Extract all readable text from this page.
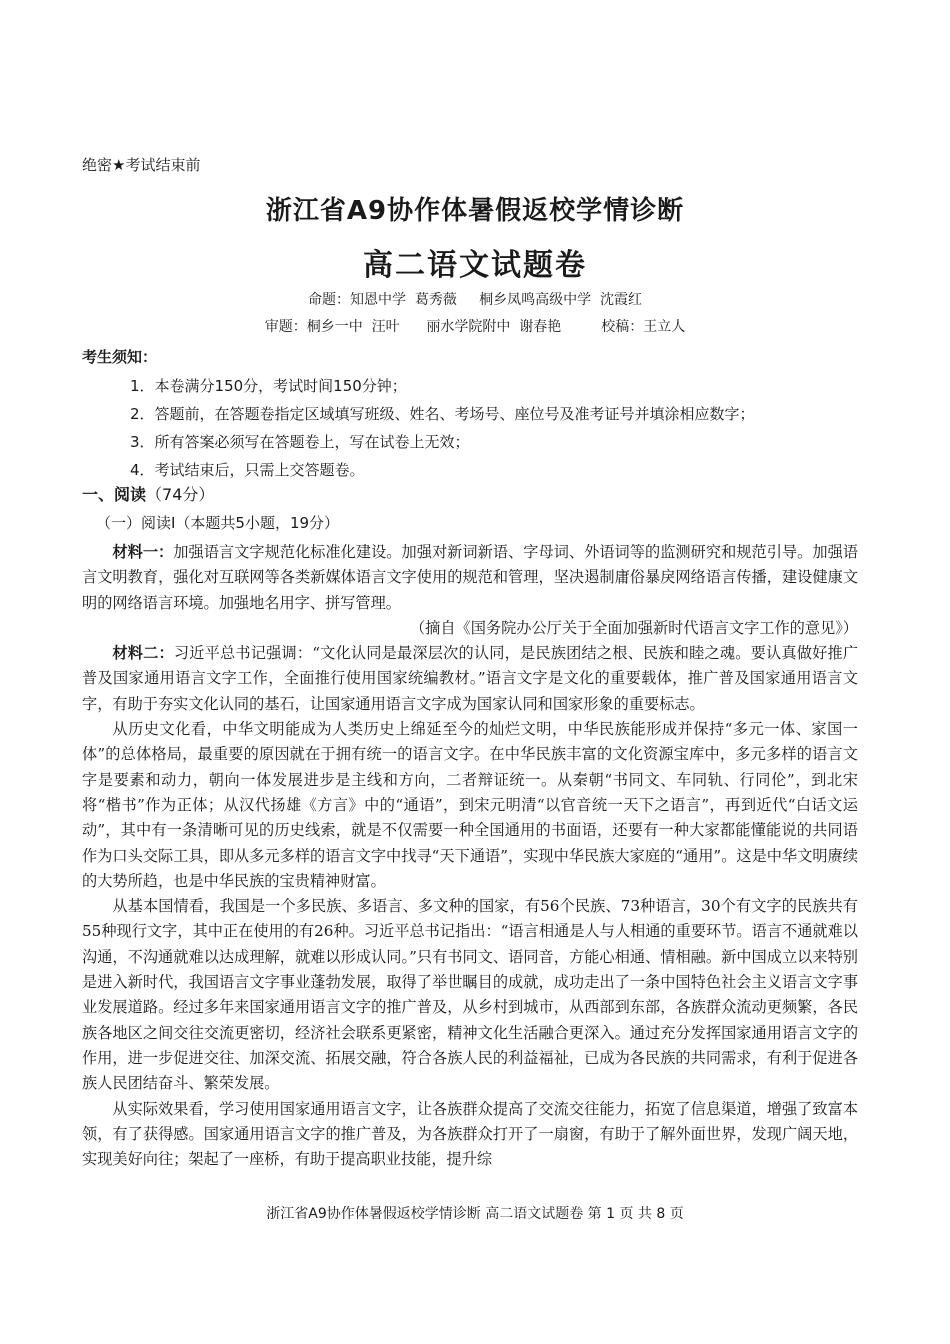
绝密★考试结束前
浙江省A9协作体暑假返校学情诊断
高二语文试题卷
命题：知恩中学  葛秀薇     桐乡凤鸣高级中学  沈霞红
审题：桐乡一中  汪叶      丽水学院附中  谢春艳         校稿：王立人
考生须知：
1．本卷满分150分，考试时间150分钟；
2．答题前，在答题卷指定区域填写班级、姓名、考场号、座位号及准考证号并填涂相应数字；
3．所有答案必须写在答题卷上，写在试卷上无效；
4．考试结束后，只需上交答题卷。
一、阅读（74分）
（一）阅读Ⅰ（本题共5小题，19分）

材料一：加强语言文字规范化标准化建设。加强对新词新语、字母词、外语词等的监测研究和规范引导。加强语言文明教育，强化对互联网等各类新媒体语言文字使用的规范和管理，坚决遏制庸俗暴戾网络语言传播，建设健康文明的网络语言环境。加强地名用字、拼写管理。

（摘自《国务院办公厅关于全面加强新时代语言文字工作的意见》）

材料二：习近平总书记强调：“文化认同是最深层次的认同，是民族团结之根、民族和睦之魂。要认真做好推广普及国家通用语言文字工作，全面推行使用国家统编教材。”语言文字是文化的重要载体，推广普及国家通用语言文字，有助于夯实文化认同的基石，让国家通用语言文字成为国家认同和国家形象的重要标志。

从历史文化看，中华文明能成为人类历史上绵延至今的灿烂文明，中华民族能形成并保持“多元一体、家国一体”的总体格局，最重要的原因就在于拥有统一的语言文字。在中华民族丰富的文化资源宝库中，多元多样的语言文字是要素和动力，朝向一体发展进步是主线和方向，二者辩证统一。从秦朝“书同文、车同轨、行同伦”，到北宋将“楷书”作为正体；从汉代扬雄《方言》中的“通语”，到宋元明清“以官音统一天下之语言”，再到近代“白话文运动”，其中有一条清晰可见的历史线索，就是不仅需要一种全国通用的书面语，还要有一种大家都能懂能说的共同语作为口头交际工具，即从多元多样的语言文字中找寻“天下通语”，实现中华民族大家庭的“通用”。这是中华文明赓续的大势所趋，也是中华民族的宝贵精神财富。

从基本国情看，我国是一个多民族、多语言、多文种的国家，有56个民族、73种语言，30个有文字的民族共有55种现行文字，其中正在使用的有26种。习近平总书记指出：“语言相通是人与人相通的重要环节。语言不通就难以沟通，不沟通就难以达成理解，就难以形成认同。”只有书同文、语同音，方能心相通、情相融。新中国成立以来特别是进入新时代，我国语言文字事业蓬勃发展，取得了举世瞩目的成就，成功走出了一条中国特色社会主义语言文字事业发展道路。经过多年来国家通用语言文字的推广普及，从乡村到城市，从西部到东部，各族群众流动更频繁，各民族各地区之间交往交流更密切，经济社会联系更紧密，精神文化生活融合更深入。通过充分发挥国家通用语言文字的作用，进一步促进交往、加深交流、拓展交融，符合各族人民的利益福祉，已成为各民族的共同需求，有利于促进各族人民团结奋斗、繁荣发展。

从实际效果看，学习使用国家通用语言文字，让各族群众提高了交流交往能力，拓宽了信息渠道，增强了致富本领，有了获得感。国家通用语言文字的推广普及，为各族群众打开了一扇窗，有助于了解外面世界，发现广阔天地，实现美好向往；架起了一座桥，有助于提高职业技能，提升综

浙江省A9协作体暑假返校学情诊断 高二语文试题卷 第 1 页 共 8 页
